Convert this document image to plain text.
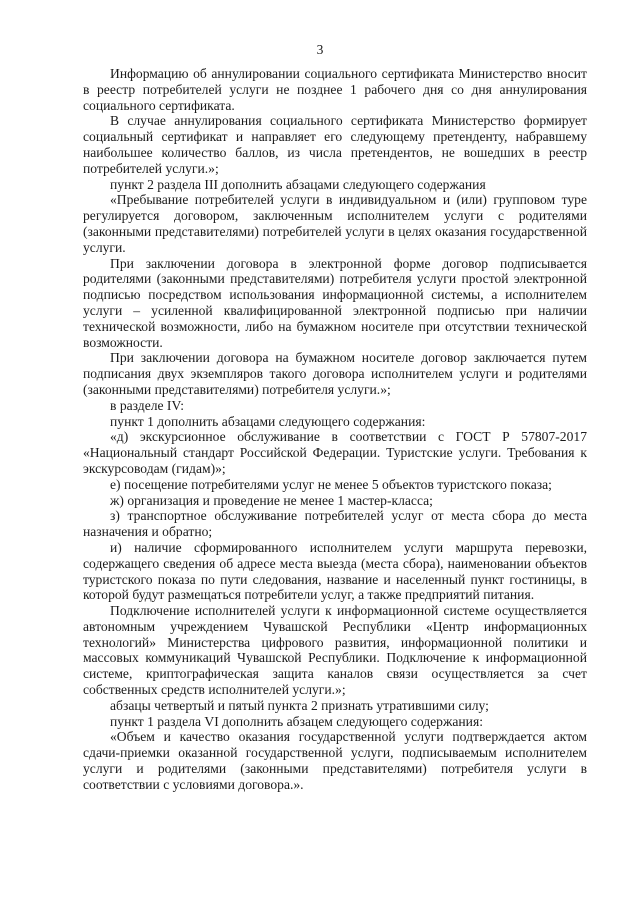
3

Информацию об аннулировании социального сертификата Министерство вносит в реестр потребителей услуги не позднее 1 рабочего дня со дня аннулирования социального сертификата.

В случае аннулирования социального сертификата Министерство формирует социальный сертификат и направляет его следующему претенденту, набравшему наибольшее количество баллов, из числа претендентов, не вошедших в реестр потребителей услуги.»;

пункт 2 раздела III дополнить абзацами следующего содержания

«Пребывание потребителей услуги в индивидуальном и (или) групповом туре регулируется договором, заключенным исполнителем услуги с родителями (законными представителями) потребителей услуги в целях оказания государственной услуги.

При заключении договора в электронной форме договор подписывается родителями (законными представителями) потребителя услуги простой электронной подписью посредством использования информационной системы, а исполнителем услуги – усиленной квалифицированной электронной подписью при наличии технической возможности, либо на бумажном носителе при отсутствии технической возможности.

При заключении договора на бумажном носителе договор заключается путем подписания двух экземпляров такого договора исполнителем услуги и родителями (законными представителями) потребителя услуги.»;

в разделе IV:

пункт 1 дополнить абзацами следующего содержания:

«д) экскурсионное обслуживание в соответствии с ГОСТ Р 57807-2017 «Национальный стандарт Российской Федерации. Туристские услуги. Требования к экскурсоводам (гидам)»;

е) посещение потребителями услуг не менее 5 объектов туристского показа;

ж) организация и проведение не менее 1 мастер-класса;

з) транспортное обслуживание потребителей услуг от места сбора до места назначения и обратно;

и) наличие сформированного исполнителем услуги маршрута перевозки, содержащего сведения об адресе места выезда (места сбора), наименовании объектов туристского показа по пути следования, название и населенный пункт гостиницы, в которой будут размещаться потребители услуг, а также предприятий питания.

Подключение исполнителей услуги к информационной системе осуществляется автономным учреждением Чувашской Республики «Центр информационных технологий» Министерства цифрового развития, информационной политики и массовых коммуникаций Чувашской Республики. Подключение к информационной системе, криптографическая защита каналов связи осуществляется за счет собственных средств исполнителей услуги.»;

абзацы четвертый и пятый пункта 2 признать утратившими силу;

пункт 1 раздела VI дополнить абзацем следующего содержания:

«Объем и качество оказания государственной услуги подтверждается актом сдачи-приемки оказанной государственной услуги, подписываемым исполнителем услуги и родителями (законными представителями) потребителя услуги в соответствии с условиями договора.».
